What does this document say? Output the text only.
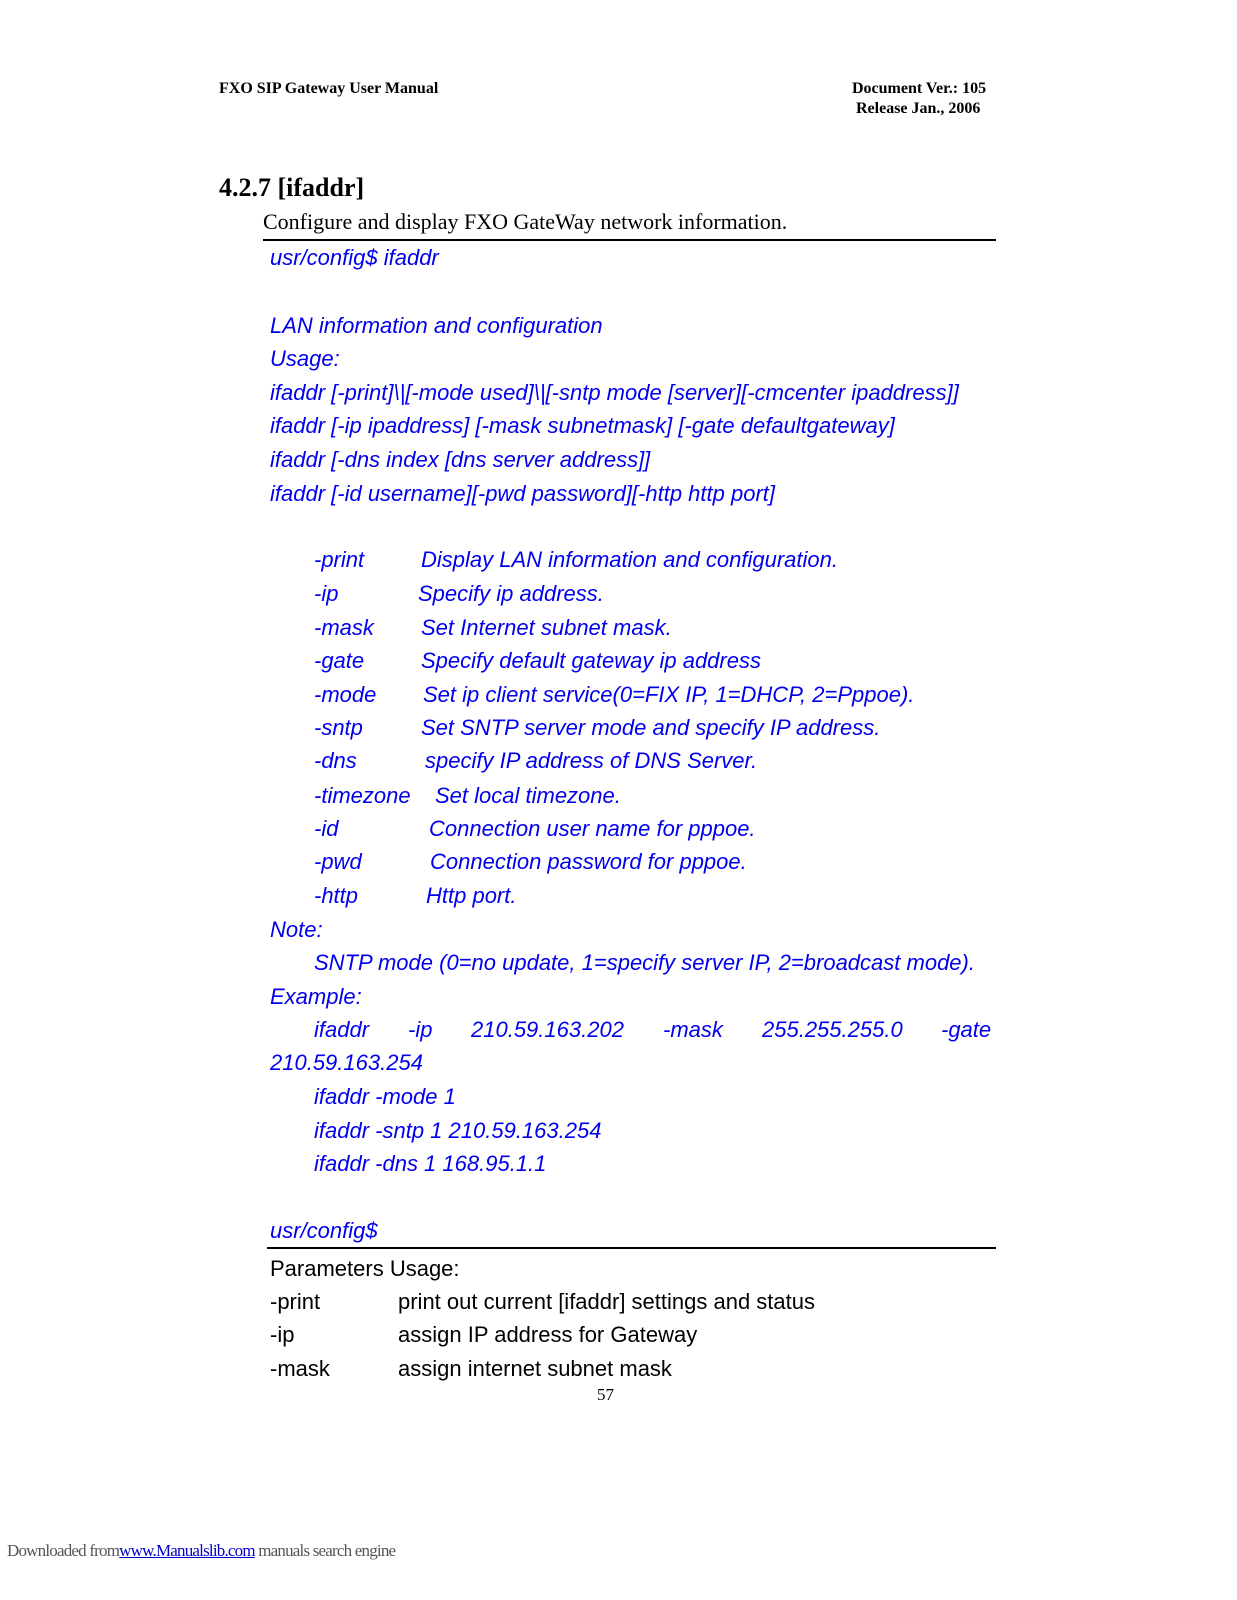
FXO SIP Gateway User Manual	Document Ver.: 105
Release Jan., 2006
4.2.7 [ifaddr]
Configure and display FXO GateWay network information.
usr/config$ ifaddr
LAN information and configuration
Usage:
ifaddr [-print]\|[-mode used]\|[-sntp mode [server][-cmcenter ipaddress]]
ifaddr [-ip ipaddress] [-mask subnetmask] [-gate defaultgateway]
ifaddr [-dns index [dns server address]]
ifaddr [-id username][-pwd password][-http http port]
-print	Display LAN information and configuration.
-ip	Specify ip address.
-mask Set Internet subnet mask.
-gate	Specify default gateway ip address
-mode Set ip client service(0=FIX IP, 1=DHCP, 2=Pppoe).
-sntp	Set SNTP server mode and specify IP address.
-dns	specify IP address of DNS Server.
-timezone Set local timezone.
-id	Connection user name for pppoe.
-pwd	Connection password for pppoe.
-http	Http port.
Note:
SNTP mode (0=no update, 1=specify server IP, 2=broadcast mode).
Example:
ifaddr -ip 210.59.163.202 -mask 255.255.255.0 -gate
210.59.163.254
ifaddr -mode 1
ifaddr -sntp 1 210.59.163.254
ifaddr -dns 1 168.95.1.1
usr/config$
Parameters Usage:
-print	print out current [ifaddr] settings and status
-ip	assign IP address for Gateway
-mask	assign internet subnet mask
57
Downloaded fromwww.Manualslib.com manuals search engine
